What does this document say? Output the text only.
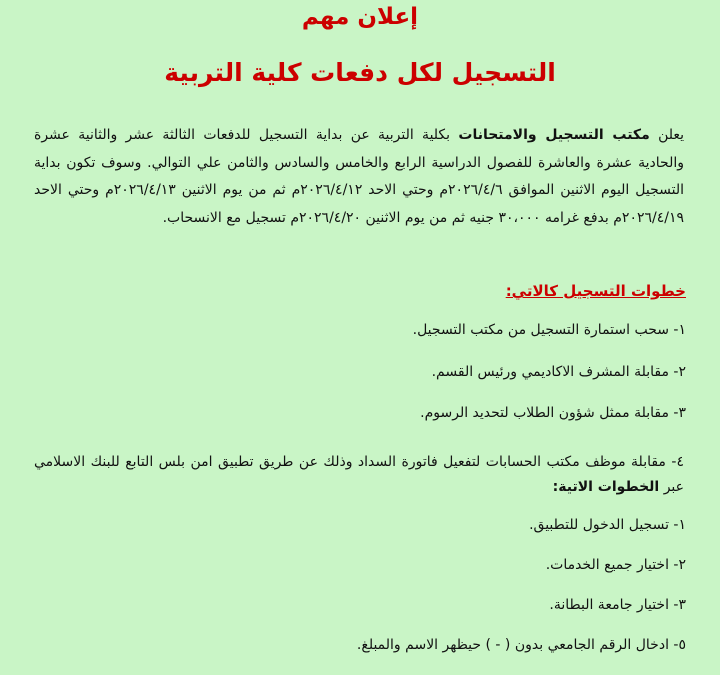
إعلان مهم
التسجيل لكل دفعات كلية التربية
يعلن مكتب التسجيل والامتحانات بكلية التربية عن بداية التسجيل للدفعات الثالثة عشر والثانية عشرة والحادية عشرة والعاشرة للفصول الدراسية الرابع والخامس والسادس والثامن علي التوالي. وسوف تكون بداية التسجيل اليوم الاثنين الموافق ٢٠٢٦/٤/٦م وحتي الاحد ٢٠٢٦/٤/١٢م ثم من يوم الاثنين ٢٠٢٦/٤/١٣م وحتي الاحد ٢٠٢٦/٤/١٩م بدفع غرامه ٣٠،٠٠٠ جنيه ثم من يوم الاثنين ٢٠٢٦/٤/٢٠م تسجيل مع الانسحاب.
خطوات التسجيل كالاتي:
١- سحب استمارة التسجيل من مكتب التسجيل.
٢- مقابلة المشرف الاكاديمي ورئيس القسم.
٣- مقابلة ممثل شؤون الطلاب لتحديد الرسوم.
٤- مقابلة موظف مكتب الحسابات لتفعيل فاتورة السداد وذلك عن طريق تطبيق امن بلس التابع للبنك الاسلامي عبر الخطوات الاتية:
١- تسجيل الدخول للتطبيق.
٢- اختيار جميع الخدمات.
٣- اختيار جامعة البطانة.
٥- ادخال الرقم الجامعي بدون ( - ) حيظهر الاسم والمبلغ.
